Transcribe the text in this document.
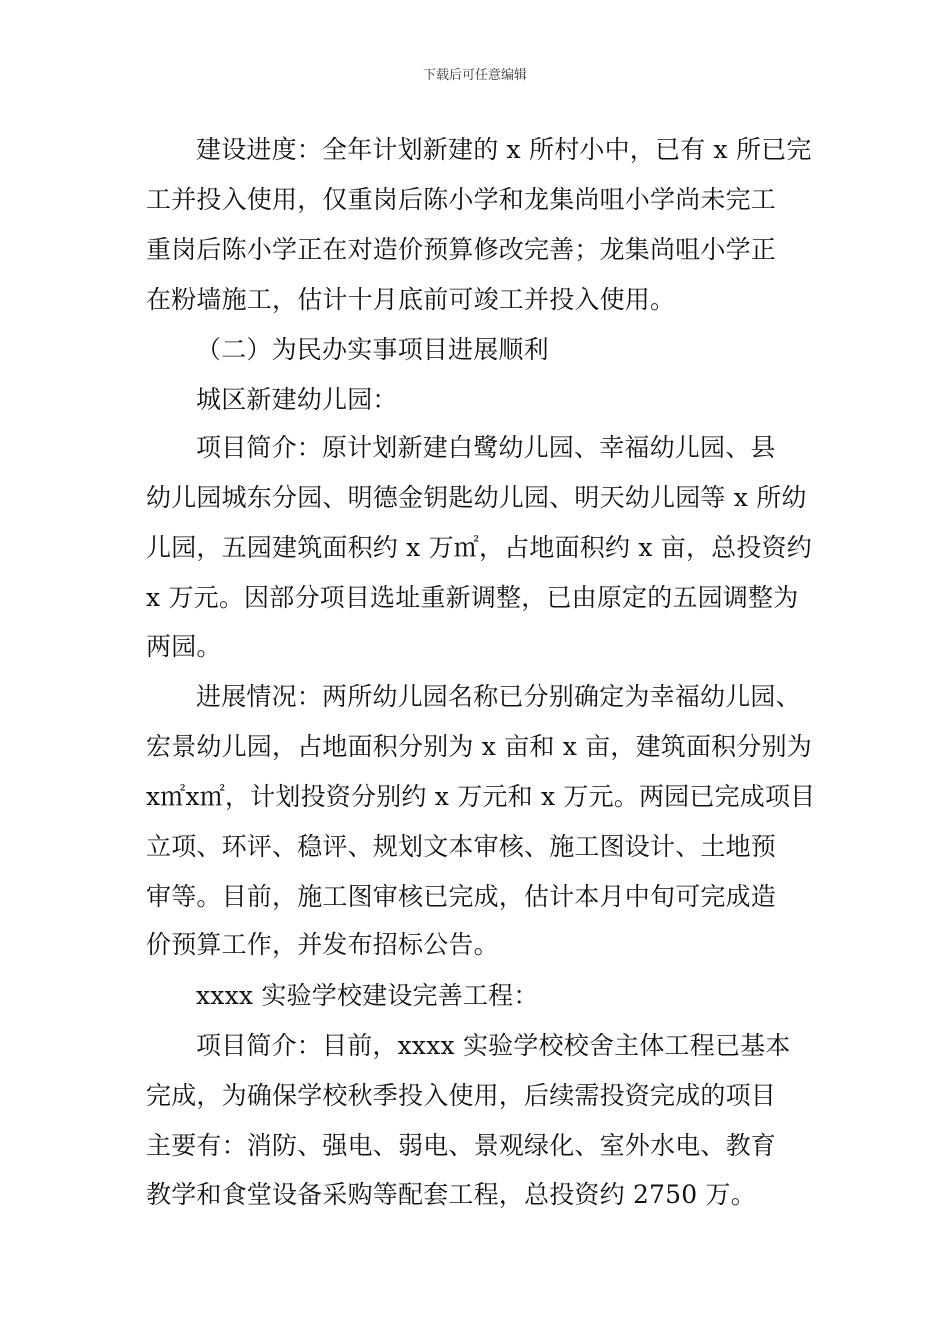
下载后可任意编辑
建设进度：全年计划新建的 x 所村小中，已有 x 所已完
工并投入使用，仅重岗后陈小学和龙集尚咀小学尚未完工
重岗后陈小学正在对造价预算修改完善；龙集尚咀小学正
在粉墙施工，估计十月底前可竣工并投入使用。
（二）为民办实事项目进展顺利
城区新建幼儿园：
项目简介：原计划新建白鹭幼儿园、幸福幼儿园、县
幼儿园城东分园、明德金钥匙幼儿园、明天幼儿园等 x 所幼
儿园，五园建筑面积约 x 万㎡，占地面积约 x 亩，总投资约
x 万元。因部分项目选址重新调整，已由原定的五园调整为
两园。
进展情况：两所幼儿园名称已分别确定为幸福幼儿园、
宏景幼儿园，占地面积分别为 x 亩和 x 亩，建筑面积分别为
x㎡x㎡，计划投资分别约 x 万元和 x 万元。两园已完成项目
立项、环评、稳评、规划文本审核、施工图设计、土地预
审等。目前，施工图审核已完成，估计本月中旬可完成造
价预算工作，并发布招标公告。
xxxx 实验学校建设完善工程：
项目简介：目前，xxxx 实验学校校舍主体工程已基本
完成，为确保学校秋季投入使用，后续需投资完成的项目
主要有：消防、强电、弱电、景观绿化、室外水电、教育
教学和食堂设备采购等配套工程，总投资约 2750 万。
